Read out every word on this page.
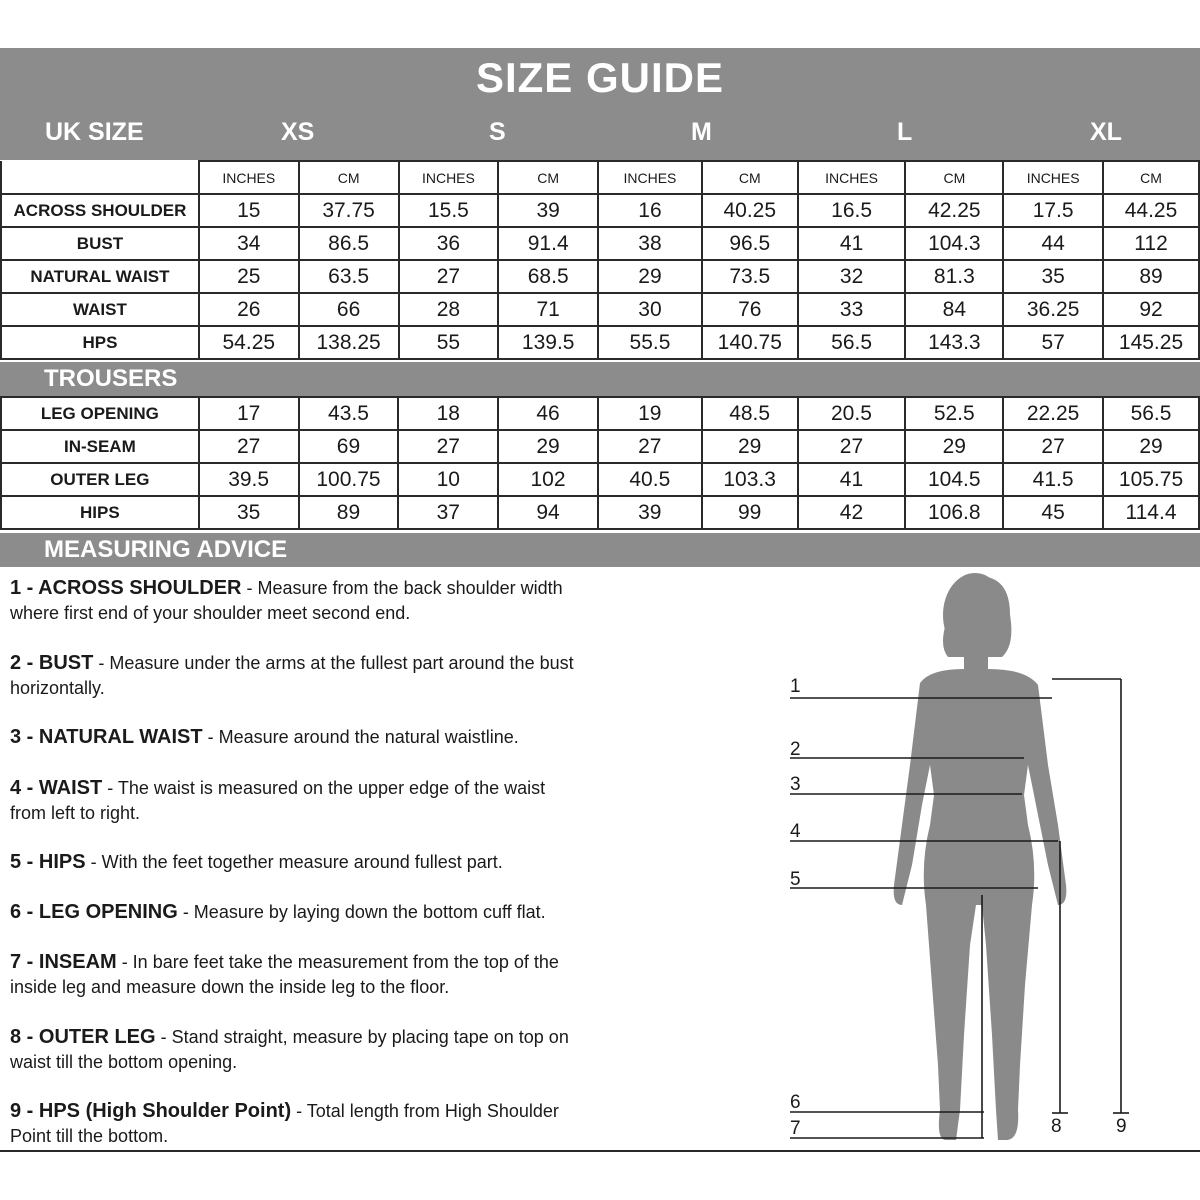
SIZE GUIDE
UK SIZE	XS	S	M	L	XL
	INCHES	CM	INCHES	CM	INCHES	CM	INCHES	CM	INCHES	CM
ACROSS SHOULDER	15	37.75	15.5	39	16	40.25	16.5	42.25	17.5	44.25
BUST	34	86.5	36	91.4	38	96.5	41	104.3	44	112
NATURAL WAIST	25	63.5	27	68.5	29	73.5	32	81.3	35	89
WAIST	26	66	28	71	30	76	33	84	36.25	92
HPS	54.25	138.25	55	139.5	55.5	140.75	56.5	143.3	57	145.25
TROUSERS
LEG OPENING	17	43.5	18	46	19	48.5	20.5	52.5	22.25	56.5
IN-SEAM	27	69	27	29	27	29	27	29	27	29
OUTER LEG	39.5	100.75	10	102	40.5	103.3	41	104.5	41.5	105.75
HIPS	35	89	37	94	39	99	42	106.8	45	114.4
MEASURING ADVICE
1 - ACROSS SHOULDER - Measure from the back shoulder width
where first end of your shoulder meet second end.
2 - BUST - Measure under the arms at the fullest part around the bust
horizontally.
3 - NATURAL WAIST - Measure around the natural waistline.
4 - WAIST - The waist is measured on the upper edge of the waist
from left to right.
5 - HIPS - With the feet together measure around fullest part.
6 - LEG OPENING - Measure by laying down the bottom cuff flat.
7 - INSEAM - In bare feet take the measurement from the top of the
inside leg and measure down the inside leg to the floor.
8 - OUTER LEG - Stand straight, measure by placing tape on top on
waist till the bottom opening.
9 - HPS (High Shoulder Point) - Total length from High Shoulder
Point till the bottom.
1
2
3
4
5
6
7	8	9
